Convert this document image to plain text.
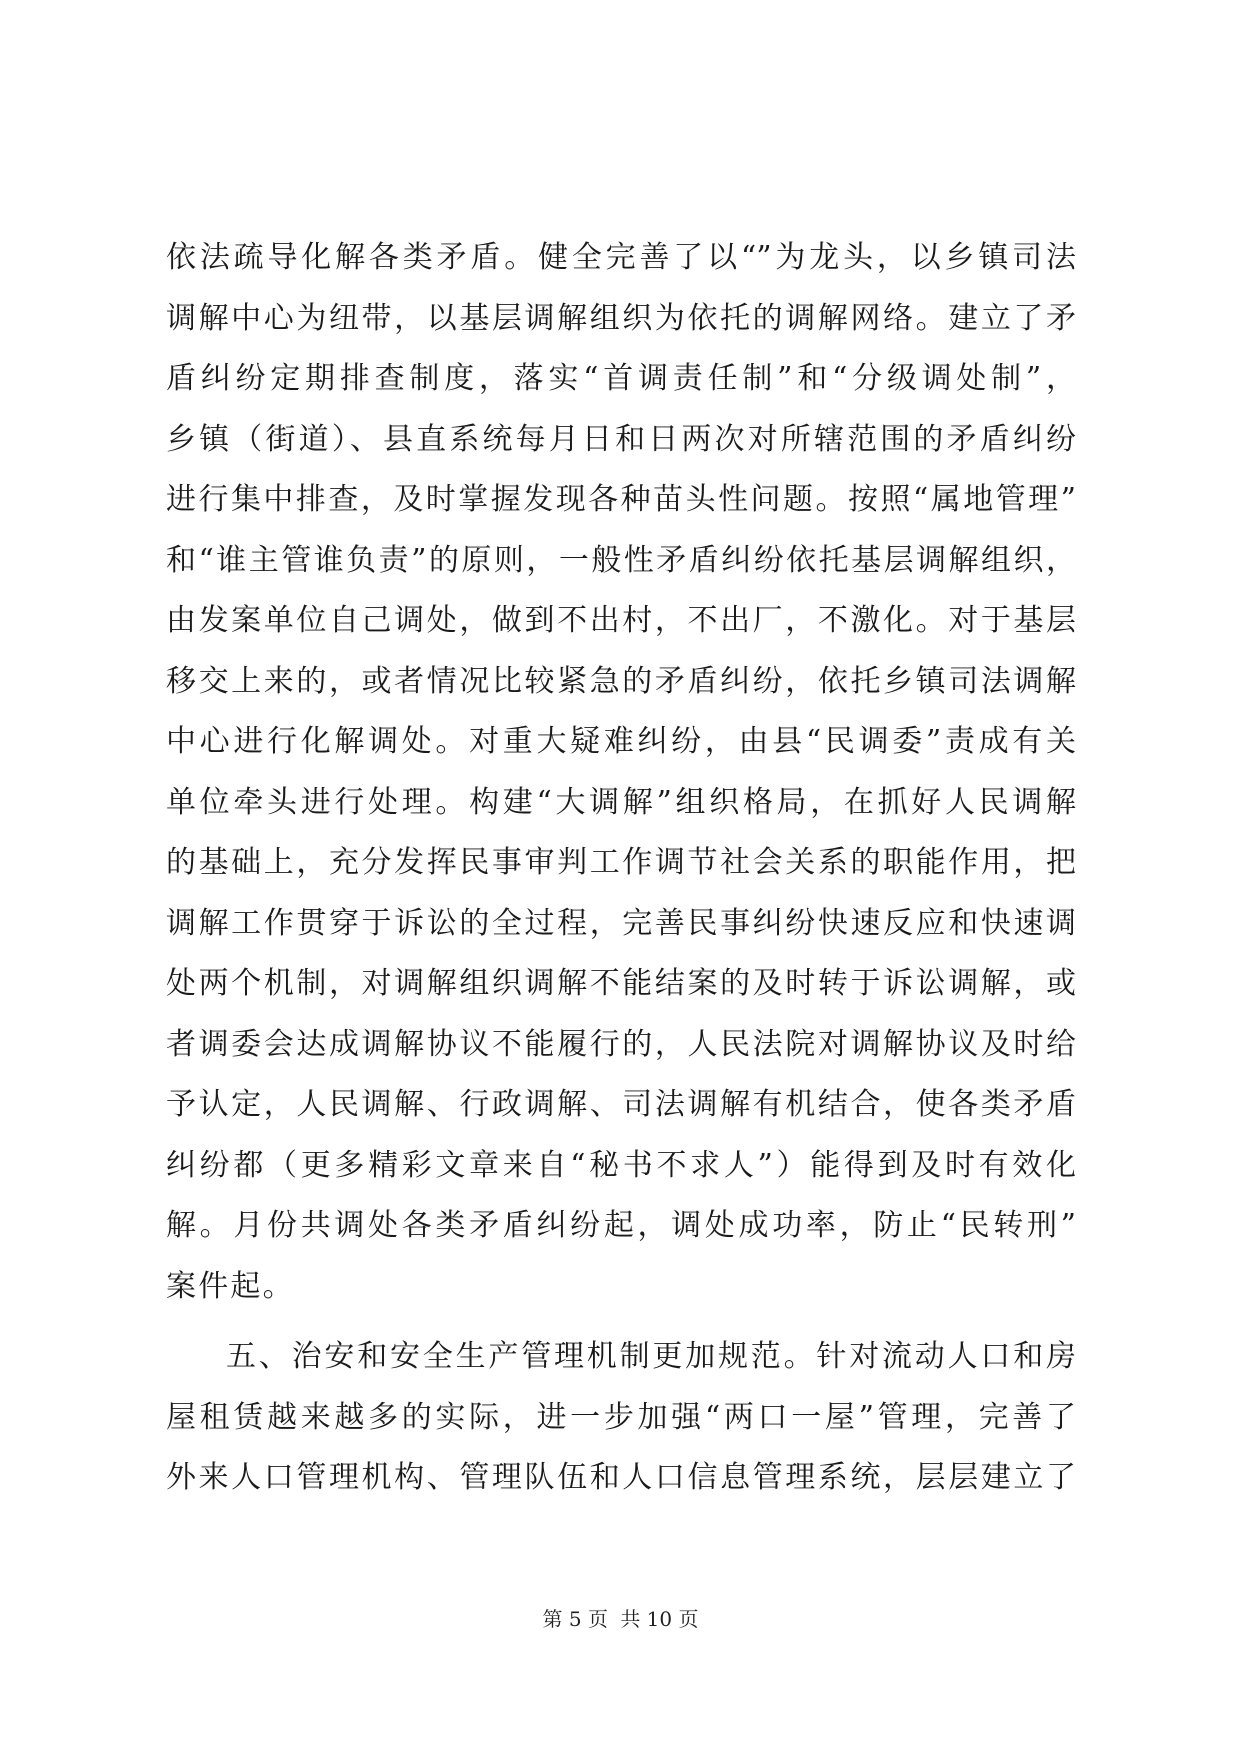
依法疏导化解各类矛盾。健全完善了以“”为龙头，以乡镇司法
调解中心为纽带，以基层调解组织为依托的调解网络。建立了矛
盾纠纷定期排查制度，落实“首调责任制”和“分级调处制”，
乡镇（街道）、县直系统每月日和日两次对所辖范围的矛盾纠纷
进行集中排查，及时掌握发现各种苗头性问题。按照“属地管理”
和“谁主管谁负责”的原则，一般性矛盾纠纷依托基层调解组织，
由发案单位自己调处，做到不出村，不出厂，不激化。对于基层
移交上来的，或者情况比较紧急的矛盾纠纷，依托乡镇司法调解
中心进行化解调处。对重大疑难纠纷，由县“民调委”责成有关
单位牵头进行处理。构建“大调解”组织格局，在抓好人民调解
的基础上，充分发挥民事审判工作调节社会关系的职能作用，把
调解工作贯穿于诉讼的全过程，完善民事纠纷快速反应和快速调
处两个机制，对调解组织调解不能结案的及时转于诉讼调解，或
者调委会达成调解协议不能履行的，人民法院对调解协议及时给
予认定，人民调解、行政调解、司法调解有机结合，使各类矛盾
纠纷都（更多精彩文章来自“秘书不求人”）能得到及时有效化
解。月份共调处各类矛盾纠纷起，调处成功率，防止“民转刑”
案件起。
五、治安和安全生产管理机制更加规范。针对流动人口和房
屋租赁越来越多的实际，进一步加强“两口一屋”管理，完善了
外来人口管理机构、管理队伍和人口信息管理系统，层层建立了
第 5 页 共 10 页
